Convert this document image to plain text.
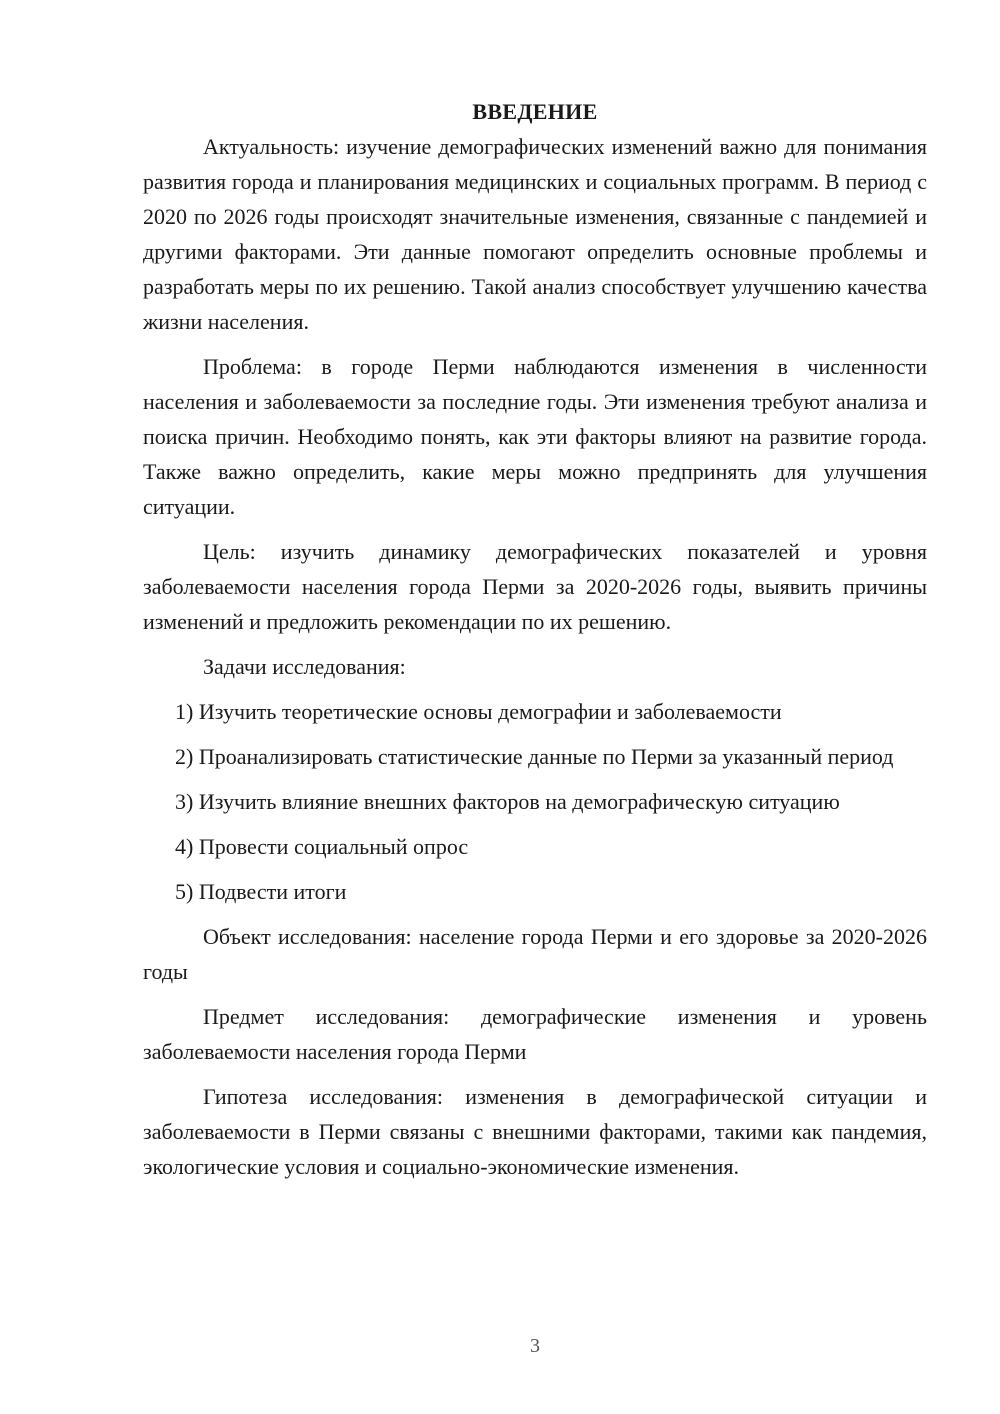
ВВЕДЕНИЕ

Актуальность: изучение демографических изменений важно для понимания развития города и планирования медицинских и социальных программ. В период с 2020 по 2026 годы происходят значительные изменения, связанные с пандемией и другими факторами. Эти данные помогают определить основные проблемы и разработать меры по их решению. Такой анализ способствует улучшению качества жизни населения.

Проблема: в городе Перми наблюдаются изменения в численности населения и заболеваемости за последние годы. Эти изменения требуют анализа и поиска причин. Необходимо понять, как эти факторы влияют на развитие города. Также важно определить, какие меры можно предпринять для улучшения ситуации.

Цель: изучить динамику демографических показателей и уровня заболеваемости населения города Перми за 2020-2026 годы, выявить причины изменений и предложить рекомендации по их решению.

Задачи исследования:

1) Изучить теоретические основы демографии и заболеваемости

2) Проанализировать статистические данные по Перми за указанный период

3) Изучить влияние внешних факторов на демографическую ситуацию

4) Провести социальный опрос

5) Подвести итоги

Объект исследования: население города Перми и его здоровье за 2020-2026 годы

Предмет исследования: демографические изменения и уровень заболеваемости населения города Перми

Гипотеза исследования: изменения в демографической ситуации и заболеваемости в Перми связаны с внешними факторами, такими как пандемия, экологические условия и социально-экономические изменения.

3
